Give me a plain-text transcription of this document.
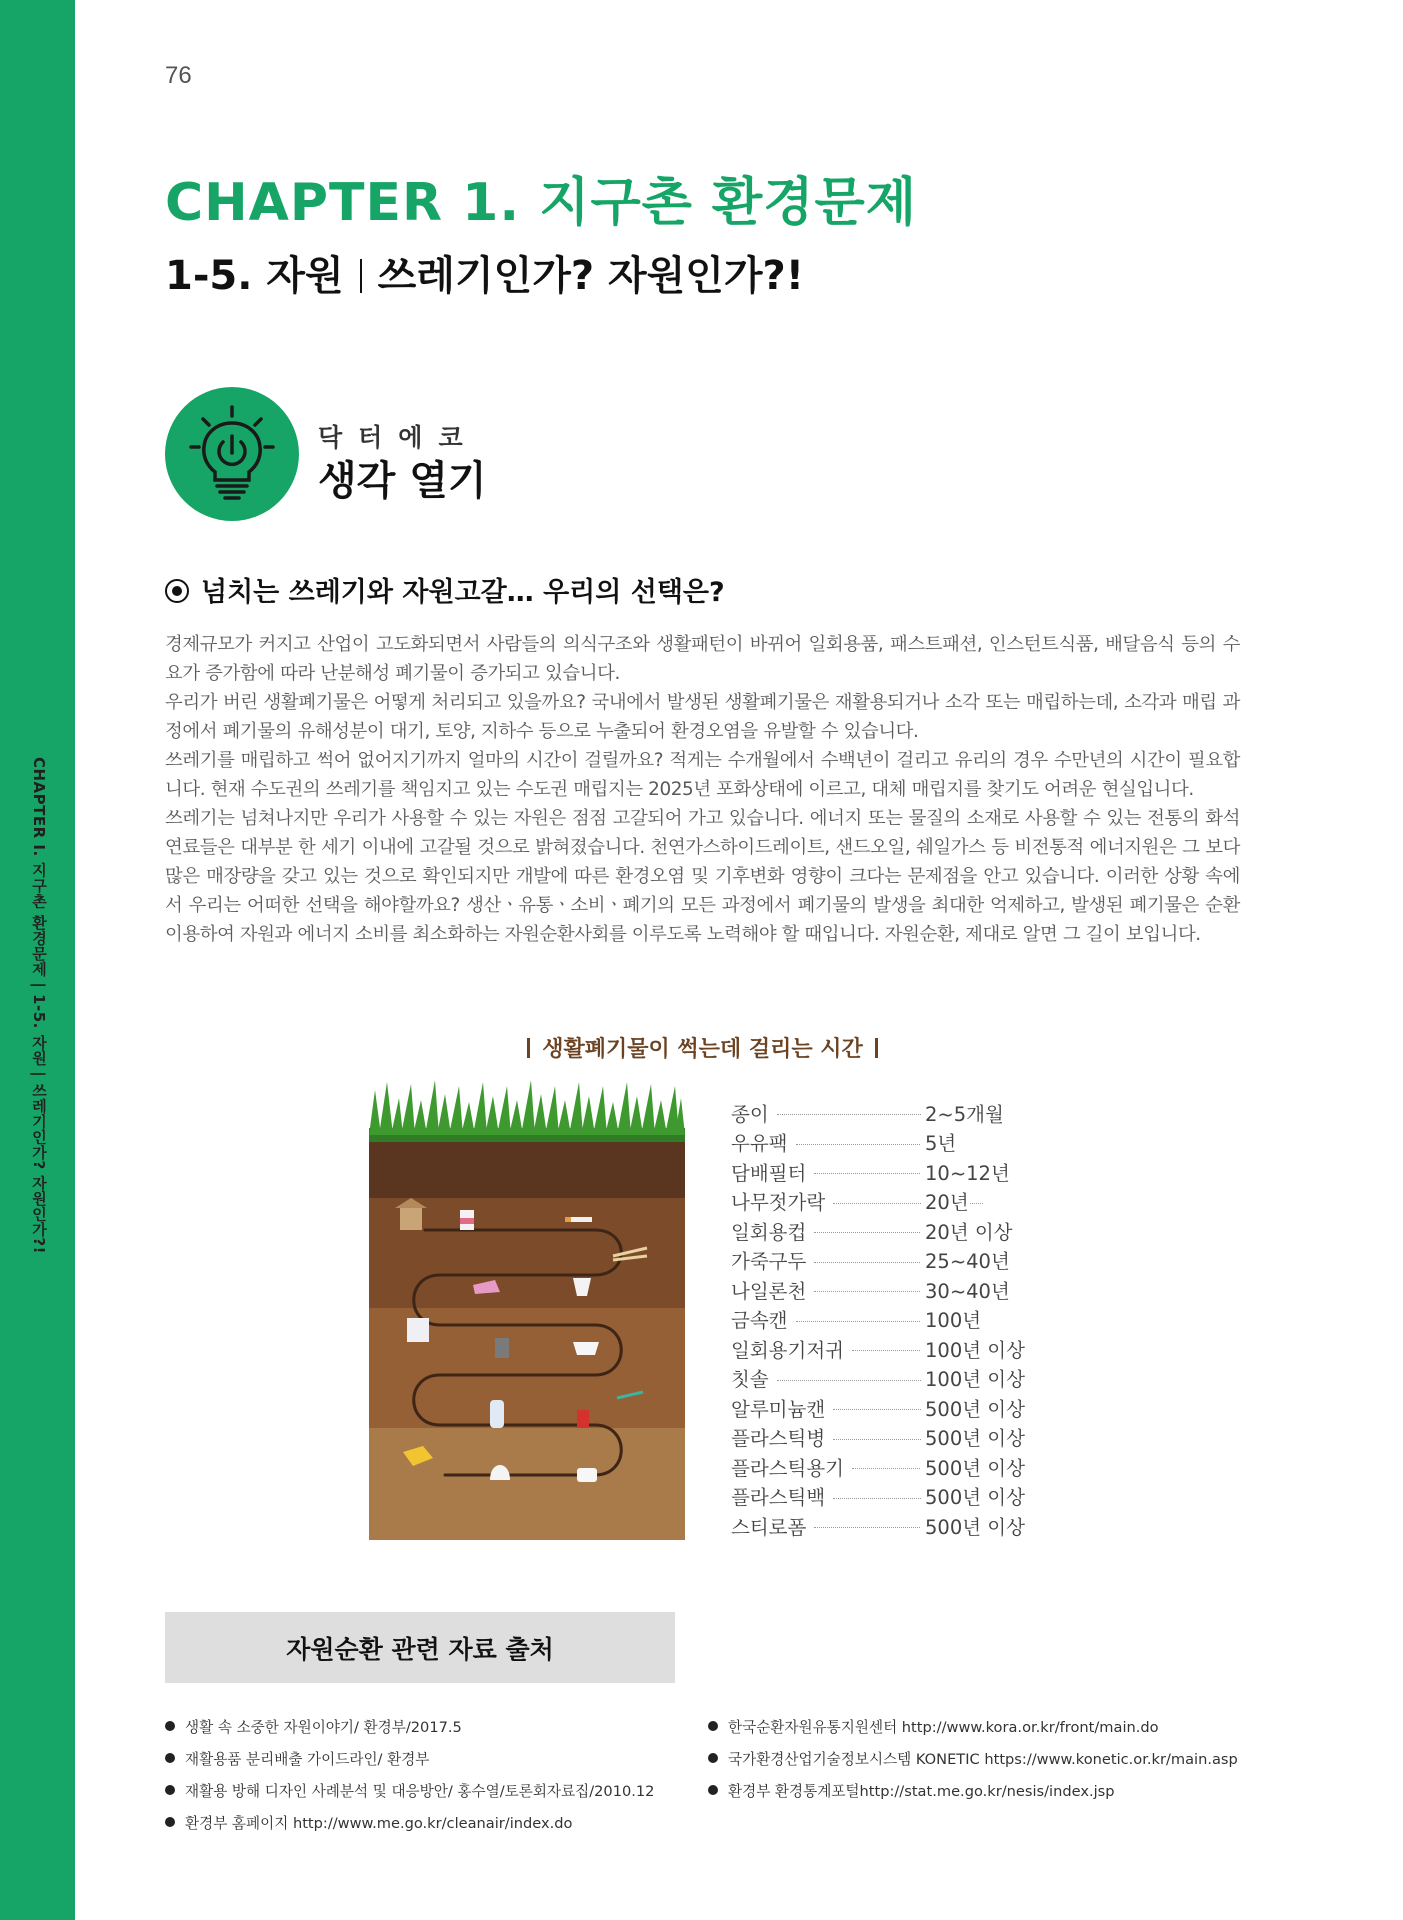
CHAPTER I. 지구촌 환경문제 | 1-5. 자원 | 쓰레기인가? 자원인가?!
76
CHAPTER 1. 지구촌 환경문제
1-5. 자원 쓰레기인가? 자원인가?!
닥터에코
생각 열기
넘치는 쓰레기와 자원고갈… 우리의 선택은?

경제규모가 커지고 산업이 고도화되면서 사람들의 의식구조와 생활패턴이 바뀌어 일회용품, 패스트패션, 인스턴트식품, 배달음식 등의 수요가 증가함에 따라 난분해성 폐기물이 증가되고 있습니다.

우리가 버린 생활폐기물은 어떻게 처리되고 있을까요? 국내에서 발생된 생활폐기물은 재활용되거나 소각 또는 매립하는데, 소각과 매립 과정에서 폐기물의 유해성분이 대기, 토양, 지하수 등으로 누출되어 환경오염을 유발할 수 있습니다.

쓰레기를 매립하고 썩어 없어지기까지 얼마의 시간이 걸릴까요? 적게는 수개월에서 수백년이 걸리고 유리의 경우 수만년의 시간이 필요합니다. 현재 수도권의 쓰레기를 책임지고 있는 수도권 매립지는 2025년 포화상태에 이르고, 대체 매립지를 찾기도 어려운 현실입니다.

쓰레기는 넘쳐나지만 우리가 사용할 수 있는 자원은 점점 고갈되어 가고 있습니다. 에너지 또는 물질의 소재로 사용할 수 있는 전통의 화석연료들은 대부분 한 세기 이내에 고갈될 것으로 밝혀졌습니다. 천연가스하이드레이트, 샌드오일, 쉐일가스 등 비전통적 에너지원은 그 보다 많은 매장량을 갖고 있는 것으로 확인되지만 개발에 따른 환경오염 및 기후변화 영향이 크다는 문제점을 안고 있습니다. 이러한 상황 속에서 우리는 어떠한 선택을 해야할까요? 생산ㆍ유통ㆍ소비ㆍ폐기의 모든 과정에서 폐기물의 발생을 최대한 억제하고, 발생된 폐기물은 순환 이용하여 자원과 에너지 소비를 최소화하는 자원순환사회를 이루도록 노력해야 할 때입니다. 자원순환, 제대로 알면 그 길이 보입니다.

생활폐기물이 썩는데 걸리는 시간
종이	2~5개월
우유팩	5년
담배필터	10~12년
나무젓가락	20년
일회용컵	20년 이상
가죽구두	25~40년
나일론천	30~40년
금속캔	100년
일회용기저귀	100년 이상
칫솔	100년 이상
알루미늄캔	500년 이상
플라스틱병	500년 이상
플라스틱용기	500년 이상
플라스틱백	500년 이상
스티로폼	500년 이상
자원순환 관련 자료 출처
생활 속 소중한 자원이야기/ 환경부/2017.5
재활용품 분리배출 가이드라인/ 환경부
재활용 방해 디자인 사례분석 및 대응방안/ 홍수열/토론회자료집/2010.12
환경부 홈페이지 http://www.me.go.kr/cleanair/index.do
한국순환자원유통지원센터 http://www.kora.or.kr/front/main.do
국가환경산업기술정보시스템 KONETIC https://www.konetic.or.kr/main.asp
환경부 환경통계포털http://stat.me.go.kr/nesis/index.jsp
